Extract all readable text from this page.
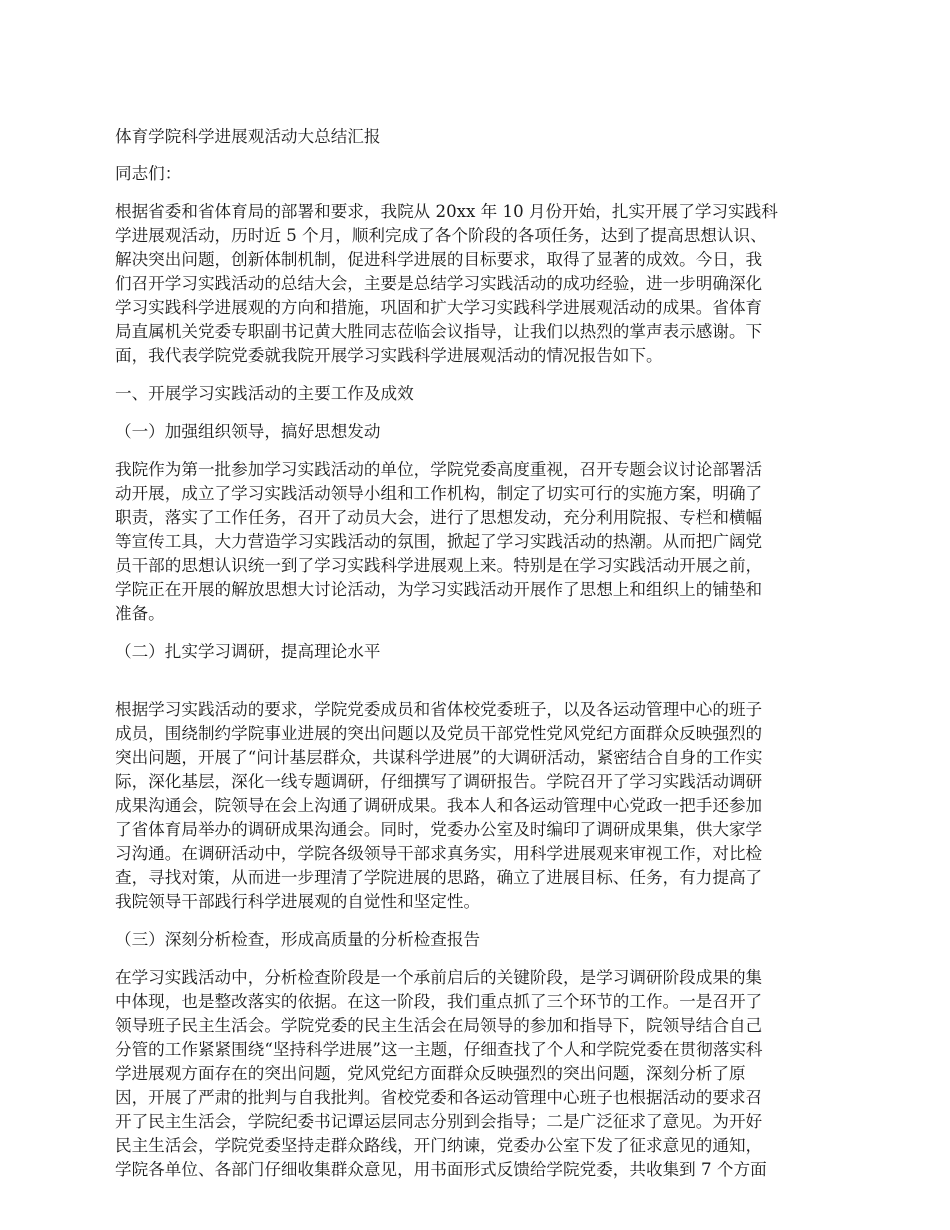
体育学院科学进展观活动大总结汇报

同志们：

根据省委和省体育局的部署和要求，我院从 20xx 年 10 月份开始，扎实开展了学习实践科

学进展观活动，历时近 5 个月，顺利完成了各个阶段的各项任务，达到了提高思想认识、

解决突出问题，创新体制机制，促进科学进展的目标要求，取得了显著的成效。今日，我

们召开学习实践活动的总结大会，主要是总结学习实践活动的成功经验，进一步明确深化

学习实践科学进展观的方向和措施，巩固和扩大学习实践科学进展观活动的成果。省体育

局直属机关党委专职副书记黄大胜同志莅临会议指导，让我们以热烈的掌声表示感谢。下

面，我代表学院党委就我院开展学习实践科学进展观活动的情况报告如下。

一、开展学习实践活动的主要工作及成效

（一）加强组织领导，搞好思想发动

我院作为第一批参加学习实践活动的单位，学院党委高度重视，召开专题会议讨论部署活

动开展，成立了学习实践活动领导小组和工作机构，制定了切实可行的实施方案，明确了

职责，落实了工作任务，召开了动员大会，进行了思想发动，充分利用院报、专栏和横幅

等宣传工具，大力营造学习实践活动的氛围，掀起了学习实践活动的热潮。从而把广阔党

员干部的思想认识统一到了学习实践科学进展观上来。特别是在学习实践活动开展之前，

学院正在开展的解放思想大讨论活动，为学习实践活动开展作了思想上和组织上的铺垫和

准备。

（二）扎实学习调研，提高理论水平

根据学习实践活动的要求，学院党委成员和省体校党委班子，以及各运动管理中心的班子

成员，围绕制约学院事业进展的突出问题以及党员干部党性党风党纪方面群众反映强烈的

突出问题，开展了“问计基层群众，共谋科学进展”的大调研活动，紧密结合自身的工作实

际，深化基层，深化一线专题调研，仔细撰写了调研报告。学院召开了学习实践活动调研

成果沟通会，院领导在会上沟通了调研成果。我本人和各运动管理中心党政一把手还参加

了省体育局举办的调研成果沟通会。同时，党委办公室及时编印了调研成果集，供大家学

习沟通。在调研活动中，学院各级领导干部求真务实，用科学进展观来审视工作，对比检

查，寻找对策，从而进一步理清了学院进展的思路，确立了进展目标、任务，有力提高了

我院领导干部践行科学进展观的自觉性和坚定性。

（三）深刻分析检查，形成高质量的分析检查报告

在学习实践活动中，分析检查阶段是一个承前启后的关键阶段，是学习调研阶段成果的集

中体现，也是整改落实的依据。在这一阶段，我们重点抓了三个环节的工作。一是召开了

领导班子民主生活会。学院党委的民主生活会在局领导的参加和指导下，院领导结合自己

分管的工作紧紧围绕“坚持科学进展”这一主题，仔细查找了个人和学院党委在贯彻落实科

学进展观方面存在的突出问题，党风党纪方面群众反映强烈的突出问题，深刻分析了原

因，开展了严肃的批判与自我批判。省校党委和各运动管理中心班子也根据活动的要求召

开了民主生活会，学院纪委书记谭运层同志分别到会指导；二是广泛征求了意见。为开好

民主生活会，学院党委坚持走群众路线，开门纳谏，党委办公室下发了征求意见的通知，

学院各单位、各部门仔细收集群众意见，用书面形式反馈给学院党委，共收集到 7 个方面
